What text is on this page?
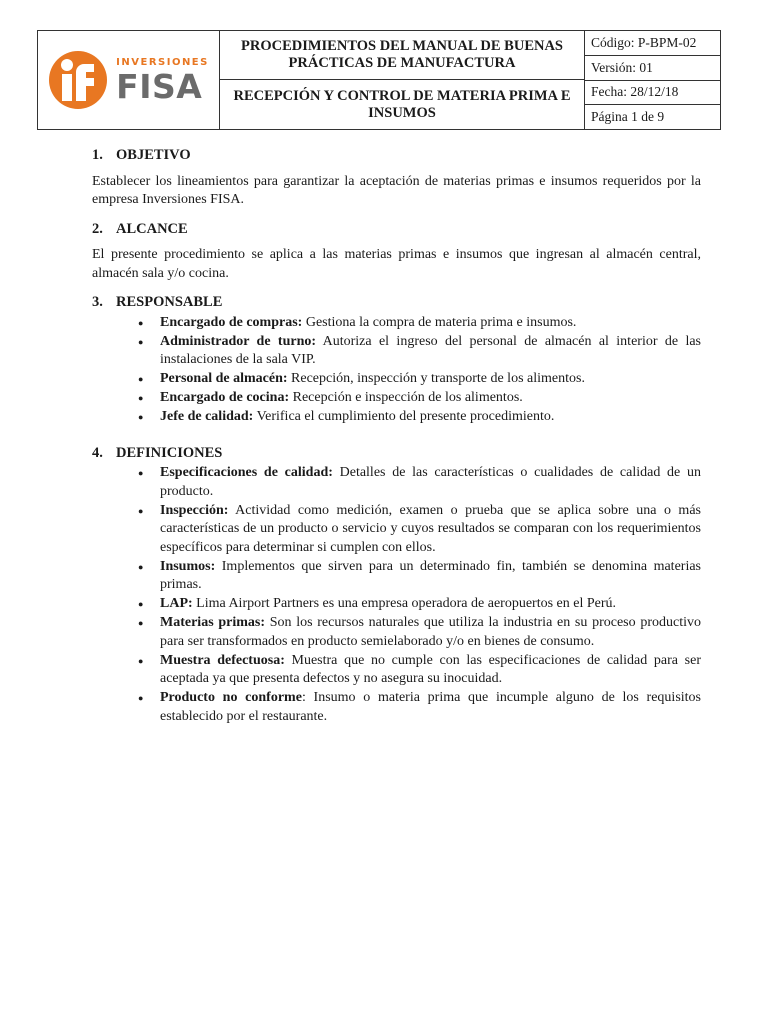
INVERSIONES
FISA
PROCEDIMIENTOS DEL MANUAL DE BUENAS PRÁCTICAS DE MANUFACTURA
RECEPCIÓN Y CONTROL DE MATERIA PRIMA E INSUMOS
Código: P-BPM-02
Versión: 01
Fecha: 28/12/18
Página 1 de 9
1. OBJETIVO

Establecer los lineamientos para garantizar la aceptación de materias primas e insumos requeridos por la empresa Inversiones FISA.

2. ALCANCE

El presente procedimiento se aplica a las materias primas e insumos que ingresan al almacén central, almacén sala y/o cocina.

3. RESPONSABLE
● Encargado de compras: Gestiona la compra de materia prima e insumos.
● Administrador de turno: Autoriza el ingreso del personal de almacén al interior de las instalaciones de la sala VIP.
● Personal de almacén: Recepción, inspección y transporte de los alimentos.
● Encargado de cocina: Recepción e inspección de los alimentos.
● Jefe de calidad: Verifica el cumplimiento del presente procedimiento.
4. DEFINICIONES
● Especificaciones de calidad: Detalles de las características o cualidades de calidad de un producto.
● Inspección: Actividad como medición, examen o prueba que se aplica sobre una o más características de un producto o servicio y cuyos resultados se comparan con los requerimientos específicos para determinar si cumplen con ellos.
● Insumos: Implementos que sirven para un determinado fin, también se denomina materias primas.
● LAP: Lima Airport Partners es una empresa operadora de aeropuertos en el Perú.
● Materias primas: Son los recursos naturales que utiliza la industria en su proceso productivo para ser transformados en producto semielaborado y/o en bienes de consumo.
● Muestra defectuosa: Muestra que no cumple con las especificaciones de calidad para ser aceptada ya que presenta defectos y no asegura su inocuidad.
● Producto no conforme: Insumo o materia prima que incumple alguno de los requisitos establecido por el restaurante.
